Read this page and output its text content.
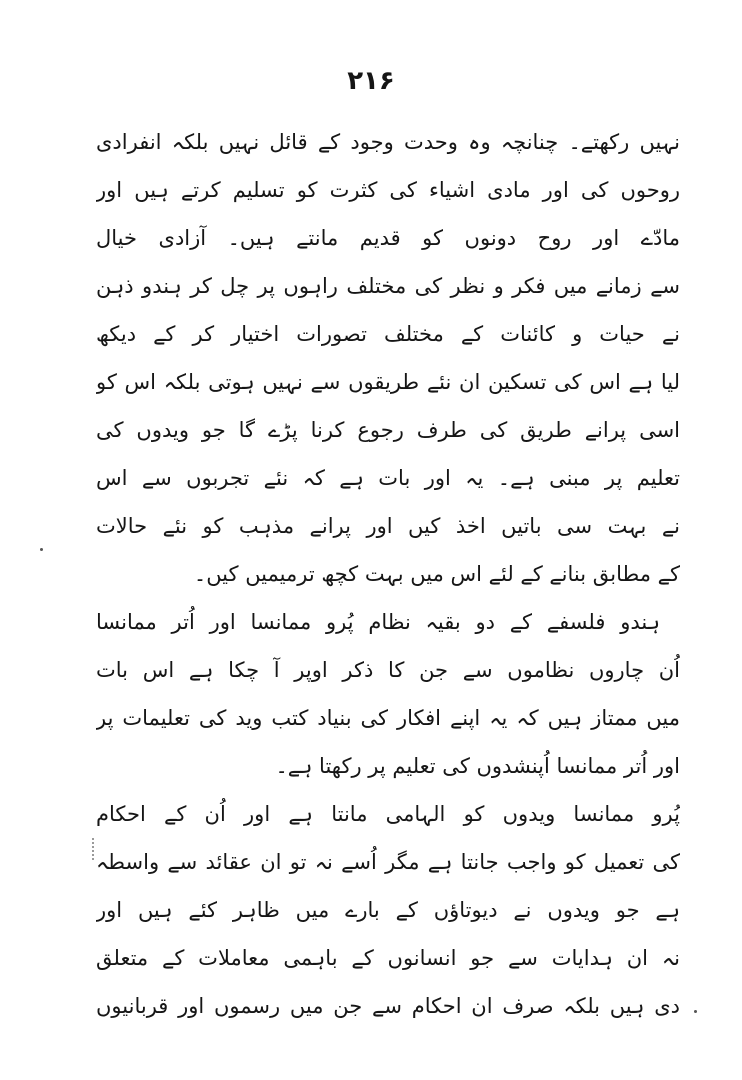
۲۱۶
نہیں رکھتے۔ چنانچہ وہ وحدت وجود کے قائل نہیں بلکہ انفرادی
روحوں کی اور مادی اشیاء کی کثرت کو تسلیم کرتے ہیں اور
مادّے اور روح دونوں کو قدیم مانتے ہیں۔ آزادی خیال
سے زمانے میں فکر و نظر کی مختلف راہوں پر چل کر ہندو ذہن
نے حیات و کائنات کے مختلف تصورات اختیار کر کے دیکھ
لیا ہے اس کی تسکین ان نئے طریقوں سے نہیں ہوتی بلکہ اس کو
اسی پرانے طریق کی طرف رجوع کرنا پڑے گا جو ویدوں کی
تعلیم پر مبنی ہے۔ یہ اور بات ہے کہ نئے تجربوں سے اس
نے بہت سی باتیں اخذ کیں اور پرانے مذہب کو نئے حالات
کے مطابق بنانے کے لئے اس میں بہت کچھ ترمیمیں کیں۔
ہندو فلسفے کے دو بقیہ نظام پُرو ممانسا اور اُتر ممانسا
اُن چاروں نظاموں سے جن کا ذکر اوپر آ چکا ہے اس بات
میں ممتاز ہیں کہ یہ اپنے افکار کی بنیاد کتب وید کی تعلیمات پر
اور اُتر ممانسا اُپنشدوں کی تعلیم پر رکھتا ہے۔
پُرو ممانسا ویدوں کو الہامی مانتا ہے اور اُن کے احکام
کی تعمیل کو واجب جانتا ہے مگر اُسے نہ تو ان عقائد سے واسطہ
ہے جو ویدوں نے دیوتاؤں کے بارے میں ظاہر کئے ہیں اور
نہ ان ہدایات سے جو انسانوں کے باہمی معاملات کے متعلق
دی ہیں بلکہ صرف ان احکام سے جن میں رسموں اور قربانیوں
